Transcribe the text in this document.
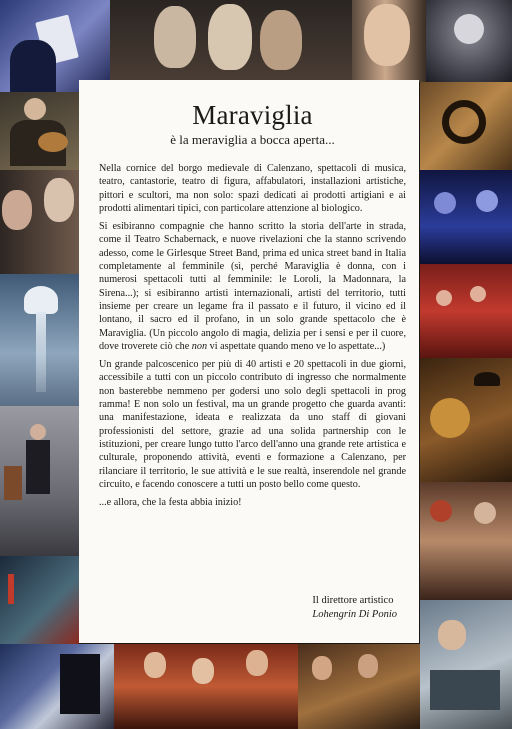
Maraviglia
è la meraviglia a bocca aperta...

Nella cornice del borgo medievale di Calenzano, spettacoli di musica, teatro, cantastorie, teatro di figura, affabulatori, installazioni artistiche, pittori e scultori, ma non solo: spazi dedicati ai prodotti artigiani e ai prodotti alimentari tipici, con particolare attenzione al biologico.

Si esibiranno compagnie che hanno scritto la storia dell'arte in strada, come il Teatro Schabernack, e nuove rivelazioni che la stanno scrivendo adesso, come le Girlesque Street Band, prima ed unica street band in Italia completamente al femminile (sì, perché Maraviglia è donna, con i numerosi spettacoli tutti al femminile: le Loroli, la Madonnara, la Sirena...); si esibiranno artisti internazionali, artisti del territorio, tutti insieme per creare un legame fra il passato e il futuro, il vicino ed il lontano, il sacro ed il profano, in un solo grande spettacolo che è Maraviglia. (Un piccolo angolo di magia, delizia per i sensi e per il cuore, dove troverete ciò che non vi aspettate quando meno ve lo aspettate...)

Un grande palcoscenico per più di 40 artisti e 20 spettacoli in due giorni, accessibile a tutti con un piccolo contributo di ingresso che normalmente non basterebbe nemmeno per godersi uno solo degli spettacoli in prog ramma! E non solo un festival, ma un grande progetto che guarda avanti: una manifestazione, ideata e realizzata da uno staff di giovani professionisti del settore, grazie ad una solida partnership con le istituzioni, per creare lungo tutto l'arco dell'anno una grande rete artistica e culturale, proponendo attività, eventi e formazione a Calenzano, per rilanciare il territorio, le sue attività e le sue realtà, inserendole nel grande circuito, e facendo conoscere a tutti un posto bello come questo.

...e allora, che la festa abbia inizio!

Il direttore artistico
Lohengrin Di Ponio
